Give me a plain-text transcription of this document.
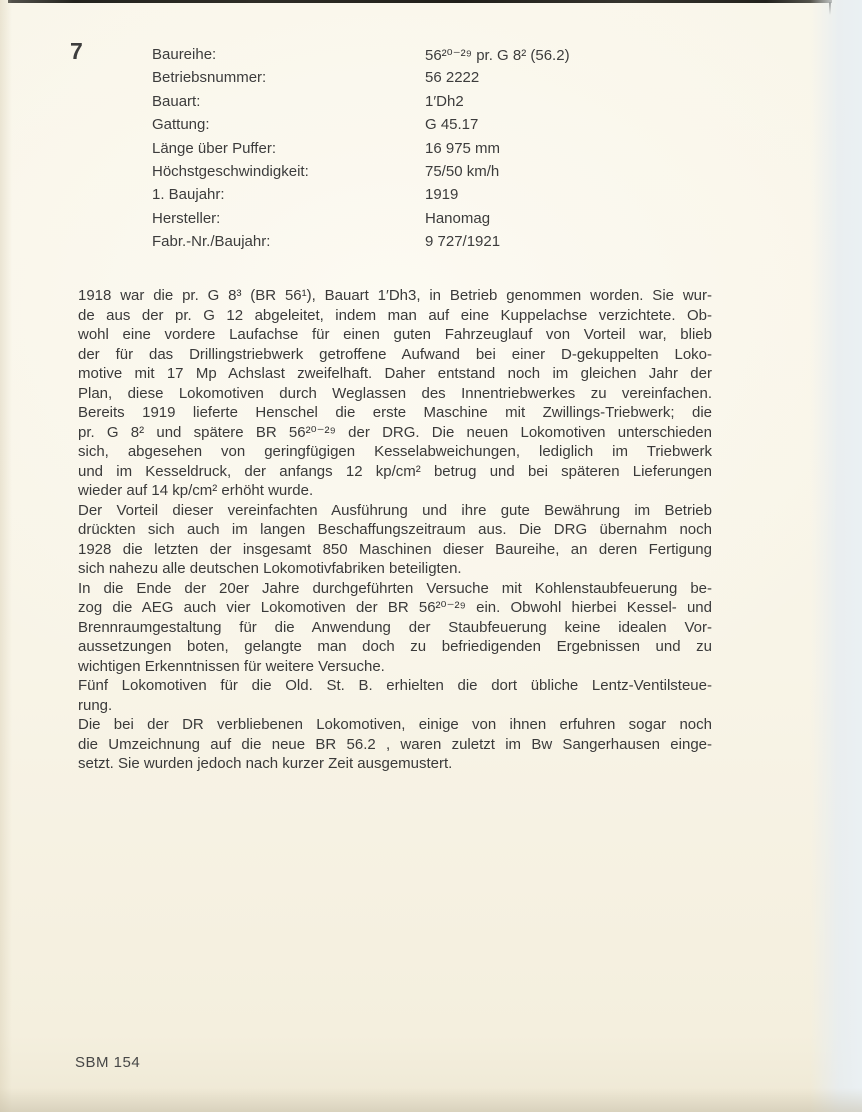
7	Baureihe:	56²⁰⁻²⁹ pr. G 8² (56.2)
Betriebsnummer:	56 2222
Bauart:	1′Dh2
Gattung:	G 45.17
Länge über Puffer:	16 975 mm
Höchstgeschwindigkeit:	75/50 km/h
1. Baujahr:	1919
Hersteller:	Hanomag
Fabr.-Nr./Baujahr:	9 727/1921
1918 war die pr. G 8³ (BR 56¹), Bauart 1′Dh3, in Betrieb genommen worden. Sie wur-
de aus der pr. G 12 abgeleitet, indem man auf eine Kuppelachse verzichtete. Ob-
wohl eine vordere Laufachse für einen guten Fahrzeuglauf von Vorteil war, blieb
der für das Drillingstriebwerk getroffene Aufwand bei einer D-gekuppelten Loko-
motive mit 17 Mp Achslast zweifelhaft. Daher entstand noch im gleichen Jahr der
Plan, diese Lokomotiven durch Weglassen des Innentriebwerkes zu vereinfachen.
Bereits 1919 lieferte Henschel die erste Maschine mit Zwillings-Triebwerk; die
pr. G 8² und spätere BR 56²⁰⁻²⁹ der DRG. Die neuen Lokomotiven unterschieden
sich, abgesehen von geringfügigen Kesselabweichungen, lediglich im Triebwerk
und im Kesseldruck, der anfangs 12 kp/cm² betrug und bei späteren Lieferungen
wieder auf 14 kp/cm² erhöht wurde.
Der Vorteil dieser vereinfachten Ausführung und ihre gute Bewährung im Betrieb
drückten sich auch im langen Beschaffungszeitraum aus. Die DRG übernahm noch
1928 die letzten der insgesamt 850 Maschinen dieser Baureihe, an deren Fertigung
sich nahezu alle deutschen Lokomotivfabriken beteiligten.
In die Ende der 20er Jahre durchgeführten Versuche mit Kohlenstaubfeuerung be-
zog die AEG auch vier Lokomotiven der BR 56²⁰⁻²⁹ ein. Obwohl hierbei Kessel- und
Brennraumgestaltung für die Anwendung der Staubfeuerung keine idealen Vor-
aussetzungen boten, gelangte man doch zu befriedigenden Ergebnissen und zu
wichtigen Erkenntnissen für weitere Versuche.
Fünf Lokomotiven für die Old. St. B. erhielten die dort übliche Lentz-Ventilsteue-
rung.
Die bei der DR verbliebenen Lokomotiven, einige von ihnen erfuhren sogar noch
die Umzeichnung auf die neue BR 56.2 , waren zuletzt im Bw Sangerhausen einge-
setzt. Sie wurden jedoch nach kurzer Zeit ausgemustert.
SBM 154
